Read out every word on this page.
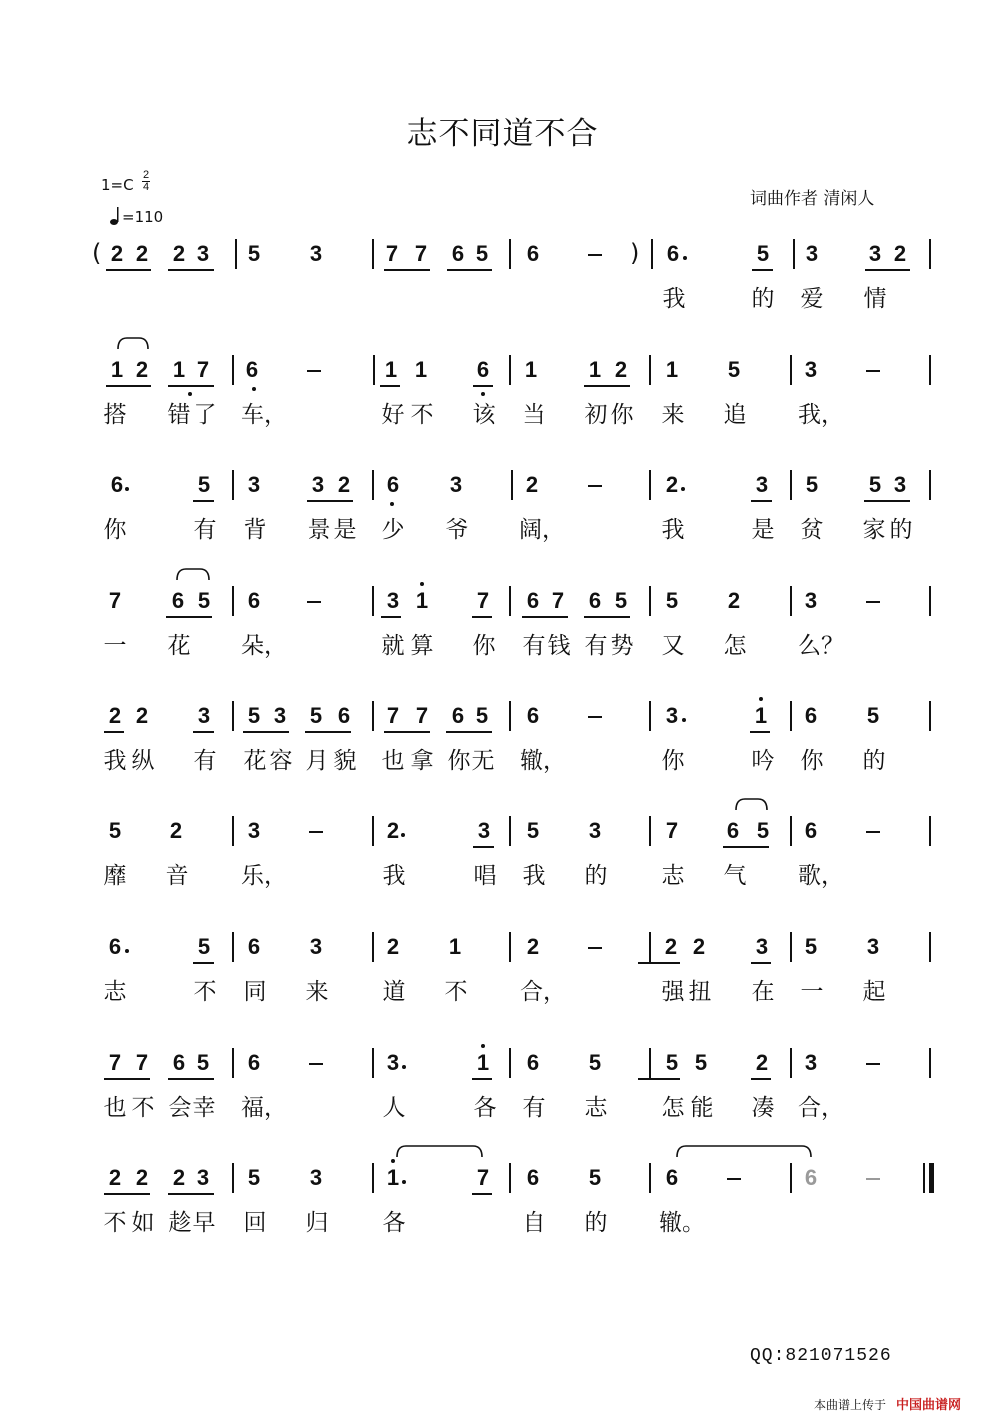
志不同道不合
1=C
2
4
=110
词曲作者 清闲人
QQ:821071526
本曲谱上传于 中国曲谱网
( 2 2 2 3 5 3	7 7 6 5 6	) 6	5 3 3 2
我	的 爱 情
1 2 1 7 6	1 1 6 1 1 2 1 5	3
搭 错 了 车，	好 不 该 当 初 你 来 追 我，
6	5 3 3 2 6 3	2	2	3 5 5 3
你	有 背 景 是 少 爷 阔，	我	是 贫 家 的
7 6 5 6	3 1 7 6 7 6 5 5 2	3
一 花 朵，	就 算 你 有 钱 有 势 又 怎 么？
2 2 3 5 3 5 6 7 7 6 5 6	3	1 6 5
我 纵 有 花 容 月 貌 也 拿 你 无 辙，	你	吟 你 的
5 2	3	2	3 5 3	7 6 5 6
靡 音 乐，	我	唱 我 的 志 气 歌，
6	5 6 3	2 1	2	2 2 3 5 3
志	不 同 来 道 不 合，	强 扭 在 一 起
7 7 6 5 6	3	1 6 5	5 5 2 3
也 不 会 幸 福，	人	各 有 志 怎 能 凑 合，
2 2 2 3 5 3	1	7 6 5	6	6
不 如 趁 早 回 归 各	自 的 辙。
